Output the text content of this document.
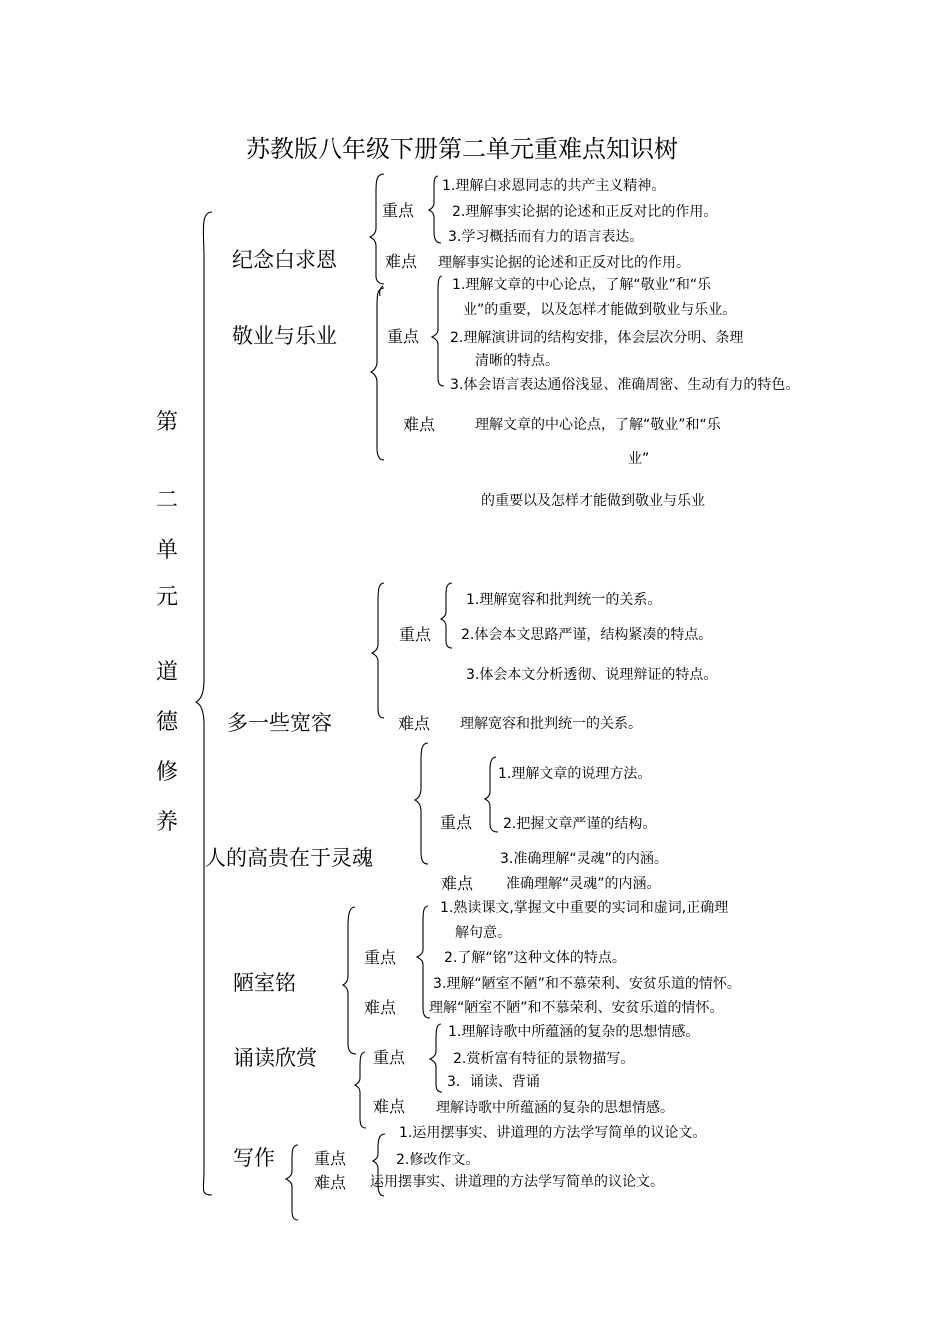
苏教版八年级下册第二单元重难点知识树
第
二
单
元
道
德
修
养
纪念白求恩
重点
1.理解白求恩同志的共产主义精神。
2.理解事实论据的论述和正反对比的作用。
3.学习概括而有力的语言表达。
难点 理解事实论据的论述和正反对比的作用。
敬业与乐业	重点
1.理解文章的中心论点，了解“敬业”和“乐
业”的重要，以及怎样才能做到敬业与乐业。
2.理解演讲词的结构安排，体会层次分明、条理
清晰的特点。
3.体会语言表达通俗浅显、准确周密、生动有力的特色。
难点	理解文章的中心论点，了解“敬业”和“乐
业”
的重要以及怎样才能做到敬业与乐业
多一些宽容
重点
1.理解宽容和批判统一的关系。
2.体会本文思路严谨，结构紧凑的特点。
3.体会本文分析透彻、说理辩证的特点。
难点 理解宽容和批判统一的关系。
人的高贵在于灵魂
重点
1.理解文章的说理方法。
2.把握文章严谨的结构。
3.准确理解“灵魂”的内涵。
难点 准确理解“灵魂”的内涵。
陋室铭
重点
1.熟读课文,掌握文中重要的实词和虚词,正确理
解句意。
2.了解“铭”这种文体的特点。
3.理解“陋室不陋”和不慕荣利、安贫乐道的情怀。
难点 理解“陋室不陋”和不慕荣利、安贫乐道的情怀。
诵读欣赏	重点
1.理解诗歌中所蕴涵的复杂的思想情感。
2.赏析富有特征的景物描写。
3．诵读、背诵
难点 理解诗歌中所蕴涵的复杂的思想情感。
写作 重点
1.运用摆事实、讲道理的方法学写简单的议论文。
2.修改作文。
难点 运用摆事实、讲道理的方法学写简单的议论文。
